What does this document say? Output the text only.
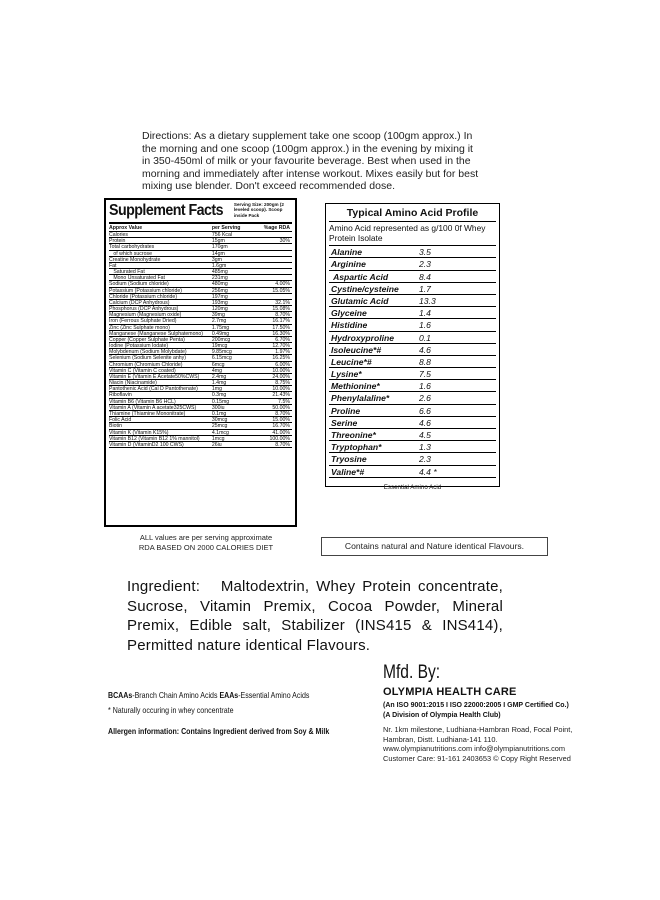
Directions: As a dietary supplement take one scoop (100gm approx.) In the morning and one scoop (100gm approx.) in the evening by mixing it in 350-450ml of milk or your favourite beverage. Best when used in the morning and immediately after intense workout. Mixes easily but for best mixing use blender. Don't exceed recommended dose.
Supplement Facts Serving Size: 200gm (2 leveled scoop). Scoop inside Pack
Approx Value	per Serving	%age RDA
Calories	756 Kcal
Protein	15gm	30%
Total carbohydrates	170gm
of which sucrose	14gm
Creatine Monohydrate	3gm
Fat	1.6gm
Saturated Fat	485mg
Mono Unsaturated Fat	231mg
Sodium (Sodium chloride)	480mg	4.00%
Potassium (Potassium chloride)	256mg	15.05%
Chloride (Potassium chloride)	197mg
Calcium (DCP Anhydrous)	193mg	32.1%
Phosphorus (DCP Anhydrous)	120mg	15.08%
Magnesium (Magnesium oxide)	39mg	8.70%
Iron (Ferrous Sulphate Dried)	2.7mg	16.17%
Zinc (Zinc Sulphate mono)	1.75mg	17.50%
Manganese (Manganese Sulphatemono)	0.49mg	16.30%
Copper (Copper Sulphate Penta)	200mcg	6.70%
Iodine (Potassium Iodate)	19mcg	12.70%
Molybdenum (Sodium Molybdate)	9.85mcg	1.97%
Selenium (Sodium Selenite anhy)	6.15mcg	16.25%
Chromium (Chromium Chloride)	6mcg	6.00%
Vitamin C (Vitamin C coated)	4mg	10.00%
Vitamin E (Vitamin E Acetate50%CWS)	2.4mg	24.00%
Niacin (Niacinamide)	1.4mg	8.75%
Pantothenic Acid (Cal D Pantothenate)	1mg	10.00%
Riboflavin	0.3mg	21.43%
Vitamin B6 (Vitamin B6 HCL)	0.15mg	7.5%
Vitamin A (Vitamin A acetate325CWS)	300iu	50.00%
Thiamine (Thiamine Mononitrate)	0.1mg	8.70%
Folic Acid	30mcg	15.00%
Biotin	25mcg	16.70%
Vitamin K (Vitamin K15%)	4.1mcg	41.00%
Vitamin B12 (Vitamin B12 1% mannitol)	1mcg	100.00%
Vitamin D (VitaminD2 100 CWS)	26iu	8.70%
ALL values are per serving approximate
RDA BASED ON 2000 CALORIES DIET
Typical Amino Acid Profile
Amino Acid represented as g/100 0f Whey Protein Isolate
Alanine	3.5
Arginine	2.3
Aspartic Acid	8.4
Cystine/cysteine	1.7
Glutamic Acid	13.3
Glyceine	1.4
Histidine	1.6
Hydroxyproline	0.1
Isoleucine*#	4.6
Leucine*#	8.8
Lysine*	7.5
Methionine*	1.6
Phenylalaline*	2.6
Proline	6.6
Serine	4.6
Threonine*	4.5
Tryptophan*	1.3
Tryosine	2.3
Valine*#	4.4 *
Essential Amino Acid
Contains natural and Nature identical Flavours.
Ingredient: Maltodextrin, Whey Protein concentrate, Sucrose, Vitamin Premix, Cocoa Powder, Mineral Premix, Edible salt, Stabilizer (INS415 & INS414), Permitted nature identical Flavours.
BCAAs-Branch Chain Amino Acids EAAs-Essential Amino Acids
* Naturally occuring in whey concentrate
Allergen information: Contains Ingredient derived from Soy & Milk
Mfd. By:
OLYMPIA HEALTH CARE
(An ISO 9001:2015 I ISO 22000:2005 I GMP Certified Co.)
(A Division of Olympia Health Club)
Nr. 1km milestone, Ludhiana-Hambran Road, Focal Point,
Hambran, Distt. Ludhiana-141 110.
www.olympianutritions.com info@olympianutritions.com
Customer Care: 91-161 2403653 © Copy Right Reserved
